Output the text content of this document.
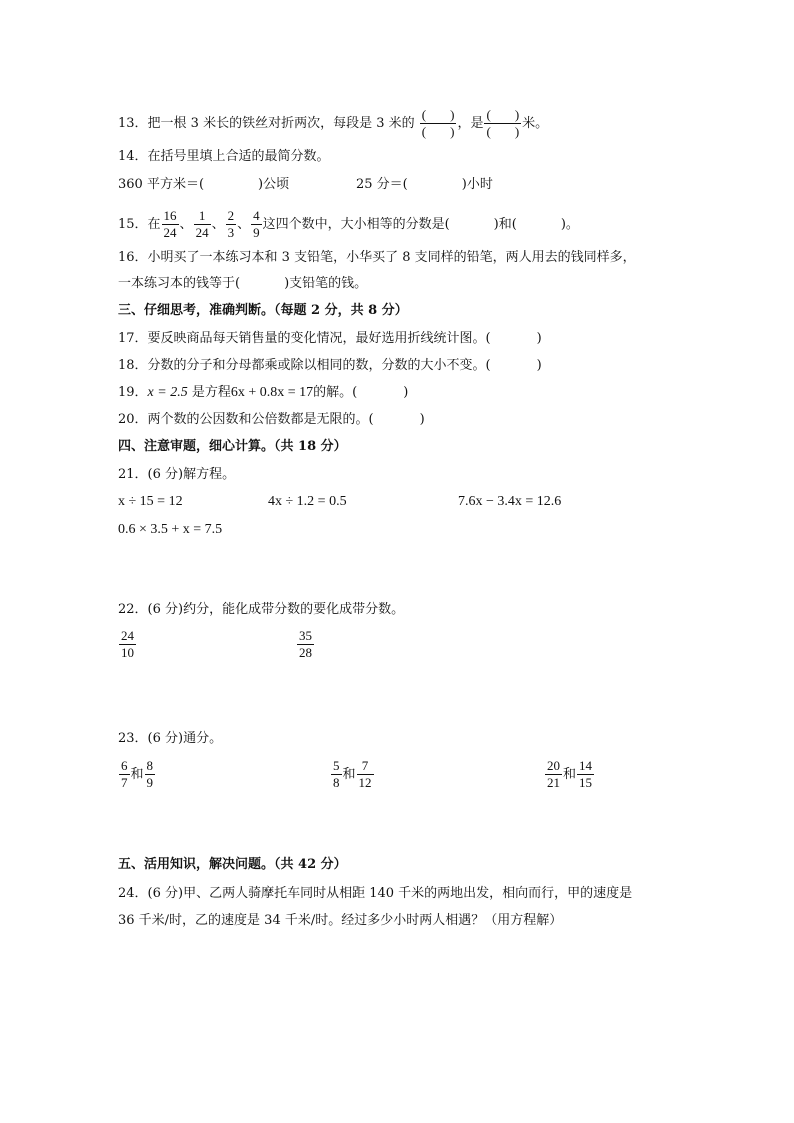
13．把一根 3 米长的铁丝对折两次，每段是 3 米的 $\frac{( )}{( )}$ ，是 $\frac{( )}{( )}$ 米。
14．在括号里填上合适的最简分数。
360 平方米＝(	)公顷	25 分＝(	)小时
15．在 $\frac{16}{24}$ 、 $\frac{1}{24}$ 、 $\frac{2}{3}$ 、 $\frac{4}{9}$ 这四个数中，大小相等的分数是(	)和(	)。
16．小明买了一本练习本和 3 支铅笔，小华买了 8 支同样的铅笔，两人用去的钱同样多，
一本练习本的钱等于(	)支铅笔的钱。
三、仔细思考，准确判断。（每题 2 分，共 8 分）
17．要反映商品每天销售量的变化情况，最好选用折线统计图。(	)
18．分数的分子和分母都乘或除以相同的数，分数的大小不变。(	)
19．x = 2.5 是方程6x + 0.8x = 17的解。(	)
20．两个数的公因数和公倍数都是无限的。(	)
四、注意审题，细心计算。（共 18 分）
21．(6 分)解方程。
x ÷ 15 = 12	4x ÷ 1.2 = 0.5	7.6x − 3.4x = 12.6
0.6 × 3.5 + x = 7.5
22．(6 分)约分，能化成带分数的要化成带分数。
$\frac{24}{10}$	$\frac{35}{28}$
23．(6 分)通分。
$\frac{6}{7}$ 和 $\frac{8}{9}$	$\frac{5}{8}$ 和 $\frac{7}{12}$	$\frac{20}{21}$ 和 $\frac{14}{15}$
五、活用知识，解决问题。（共 42 分）
24．(6 分)甲、乙两人骑摩托车同时从相距 140 千米的两地出发，相向而行，甲的速度是
36 千米/时，乙的速度是 34 千米/时。经过多少小时两人相遇？（用方程解）
